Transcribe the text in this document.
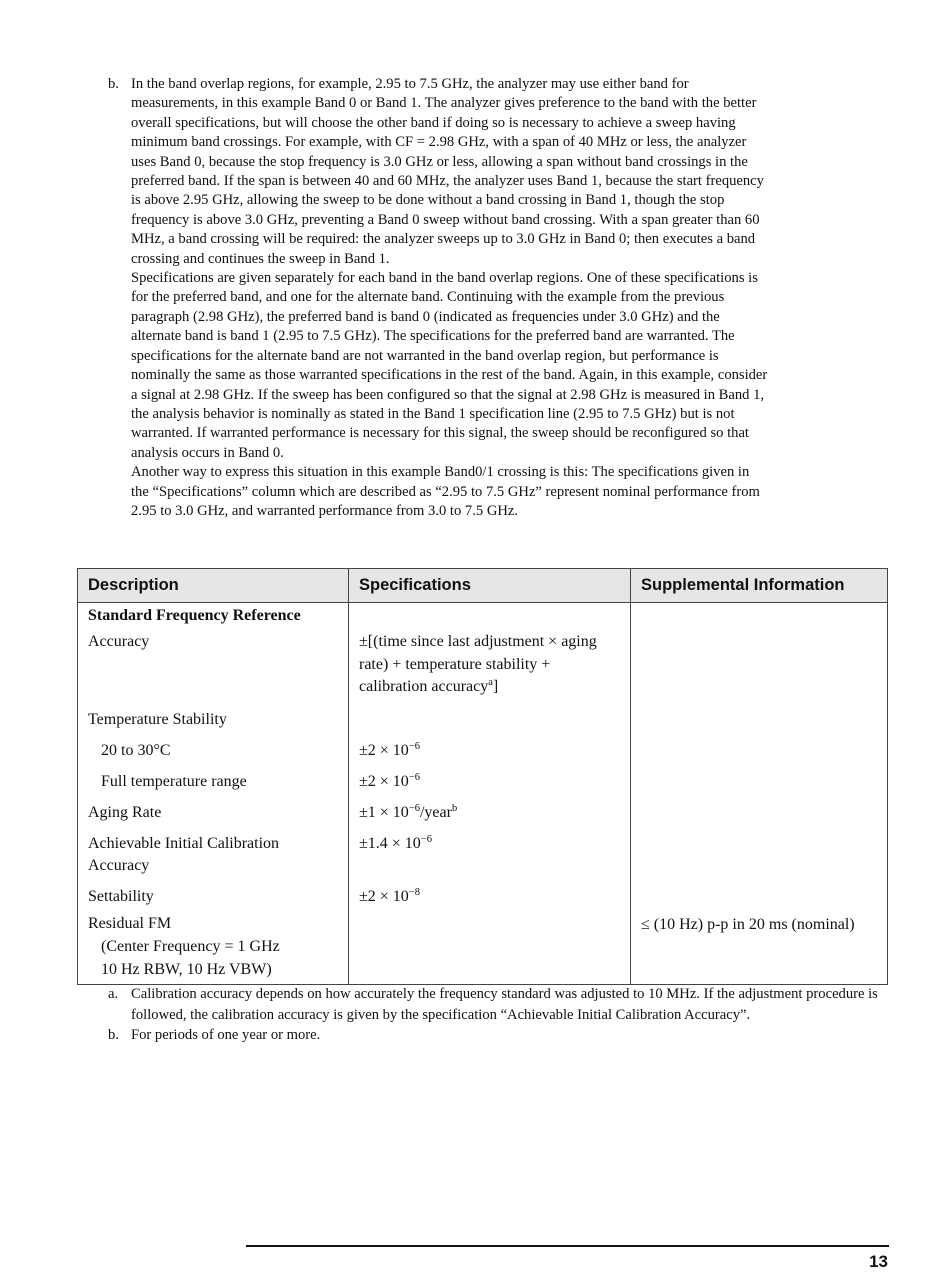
b. In the band overlap regions, for example, 2.95 to 7.5 GHz, the analyzer may use either band for measurements, in this example Band 0 or Band 1. The analyzer gives preference to the band with the better overall specifications, but will choose the other band if doing so is necessary to achieve a sweep having minimum band crossings. For example, with CF = 2.98 GHz, with a span of 40 MHz or less, the analyzer uses Band 0, because the stop frequency is 3.0 GHz or less, allowing a span without band crossings in the preferred band. If the span is between 40 and 60 MHz, the analyzer uses Band 1, because the start frequency is above 2.95 GHz, allowing the sweep to be done without a band crossing in Band 1, though the stop frequency is above 3.0 GHz, preventing a Band 0 sweep without band crossing. With a span greater than 60 MHz, a band crossing will be required: the analyzer sweeps up to 3.0 GHz in Band 0; then executes a band crossing and continues the sweep in Band 1.

Specifications are given separately for each band in the band overlap regions. One of these specifications is for the preferred band, and one for the alternate band. Continuing with the example from the previous paragraph (2.98 GHz), the preferred band is band 0 (indicated as frequencies under 3.0 GHz) and the alternate band is band 1 (2.95 to 7.5 GHz). The specifications for the preferred band are warranted. The specifications for the alternate band are not warranted in the band overlap region, but performance is nominally the same as those warranted specifications in the rest of the band. Again, in this example, consider a signal at 2.98 GHz. If the sweep has been configured so that the signal at 2.98 GHz is measured in Band 1, the analysis behavior is nominally as stated in the Band 1 specification line (2.95 to 7.5 GHz) but is not warranted. If warranted performance is necessary for this signal, the sweep should be reconfigured so that analysis occurs in Band 0.

Another way to express this situation in this example Band0/1 crossing is this: The specifications given in the “Specifications” column which are described as “2.95 to 7.5 GHz” represent nominal performance from 2.95 to 3.0 GHz, and warranted performance from 3.0 to 7.5 GHz.

Description	Specifications	Supplemental Information
Standard Frequency Reference		
Accuracy	±[(time since last adjustment × aging rate) + temperature stability + calibration accuracy$^a$]	
Temperature Stability		

20 to 30°C	$\pm 2 \times 10^{-6}$	

Full temperature range	$\pm 2 \times 10^{-6}$	
Aging Rate	$\pm 1 \times 10^{-6}/year^b$	
Achievable Initial Calibration Accuracy	$\pm 1.4 \times 10^{-6}$	
Settability	$\pm 2 \times 10^{-8}$	

Residual FM
(Center Frequency = 1 GHz
10 Hz RBW, 10 Hz VBW)		≤ (10 Hz) p-p in 20 ms (nominal)
a. Calibration accuracy depends on how accurately the frequency standard was adjusted to 10 MHz. If the adjustment procedure is followed, the calibration accuracy is given by the specification “Achievable Initial Calibration Accuracy”.
b. For periods of one year or more.
13
